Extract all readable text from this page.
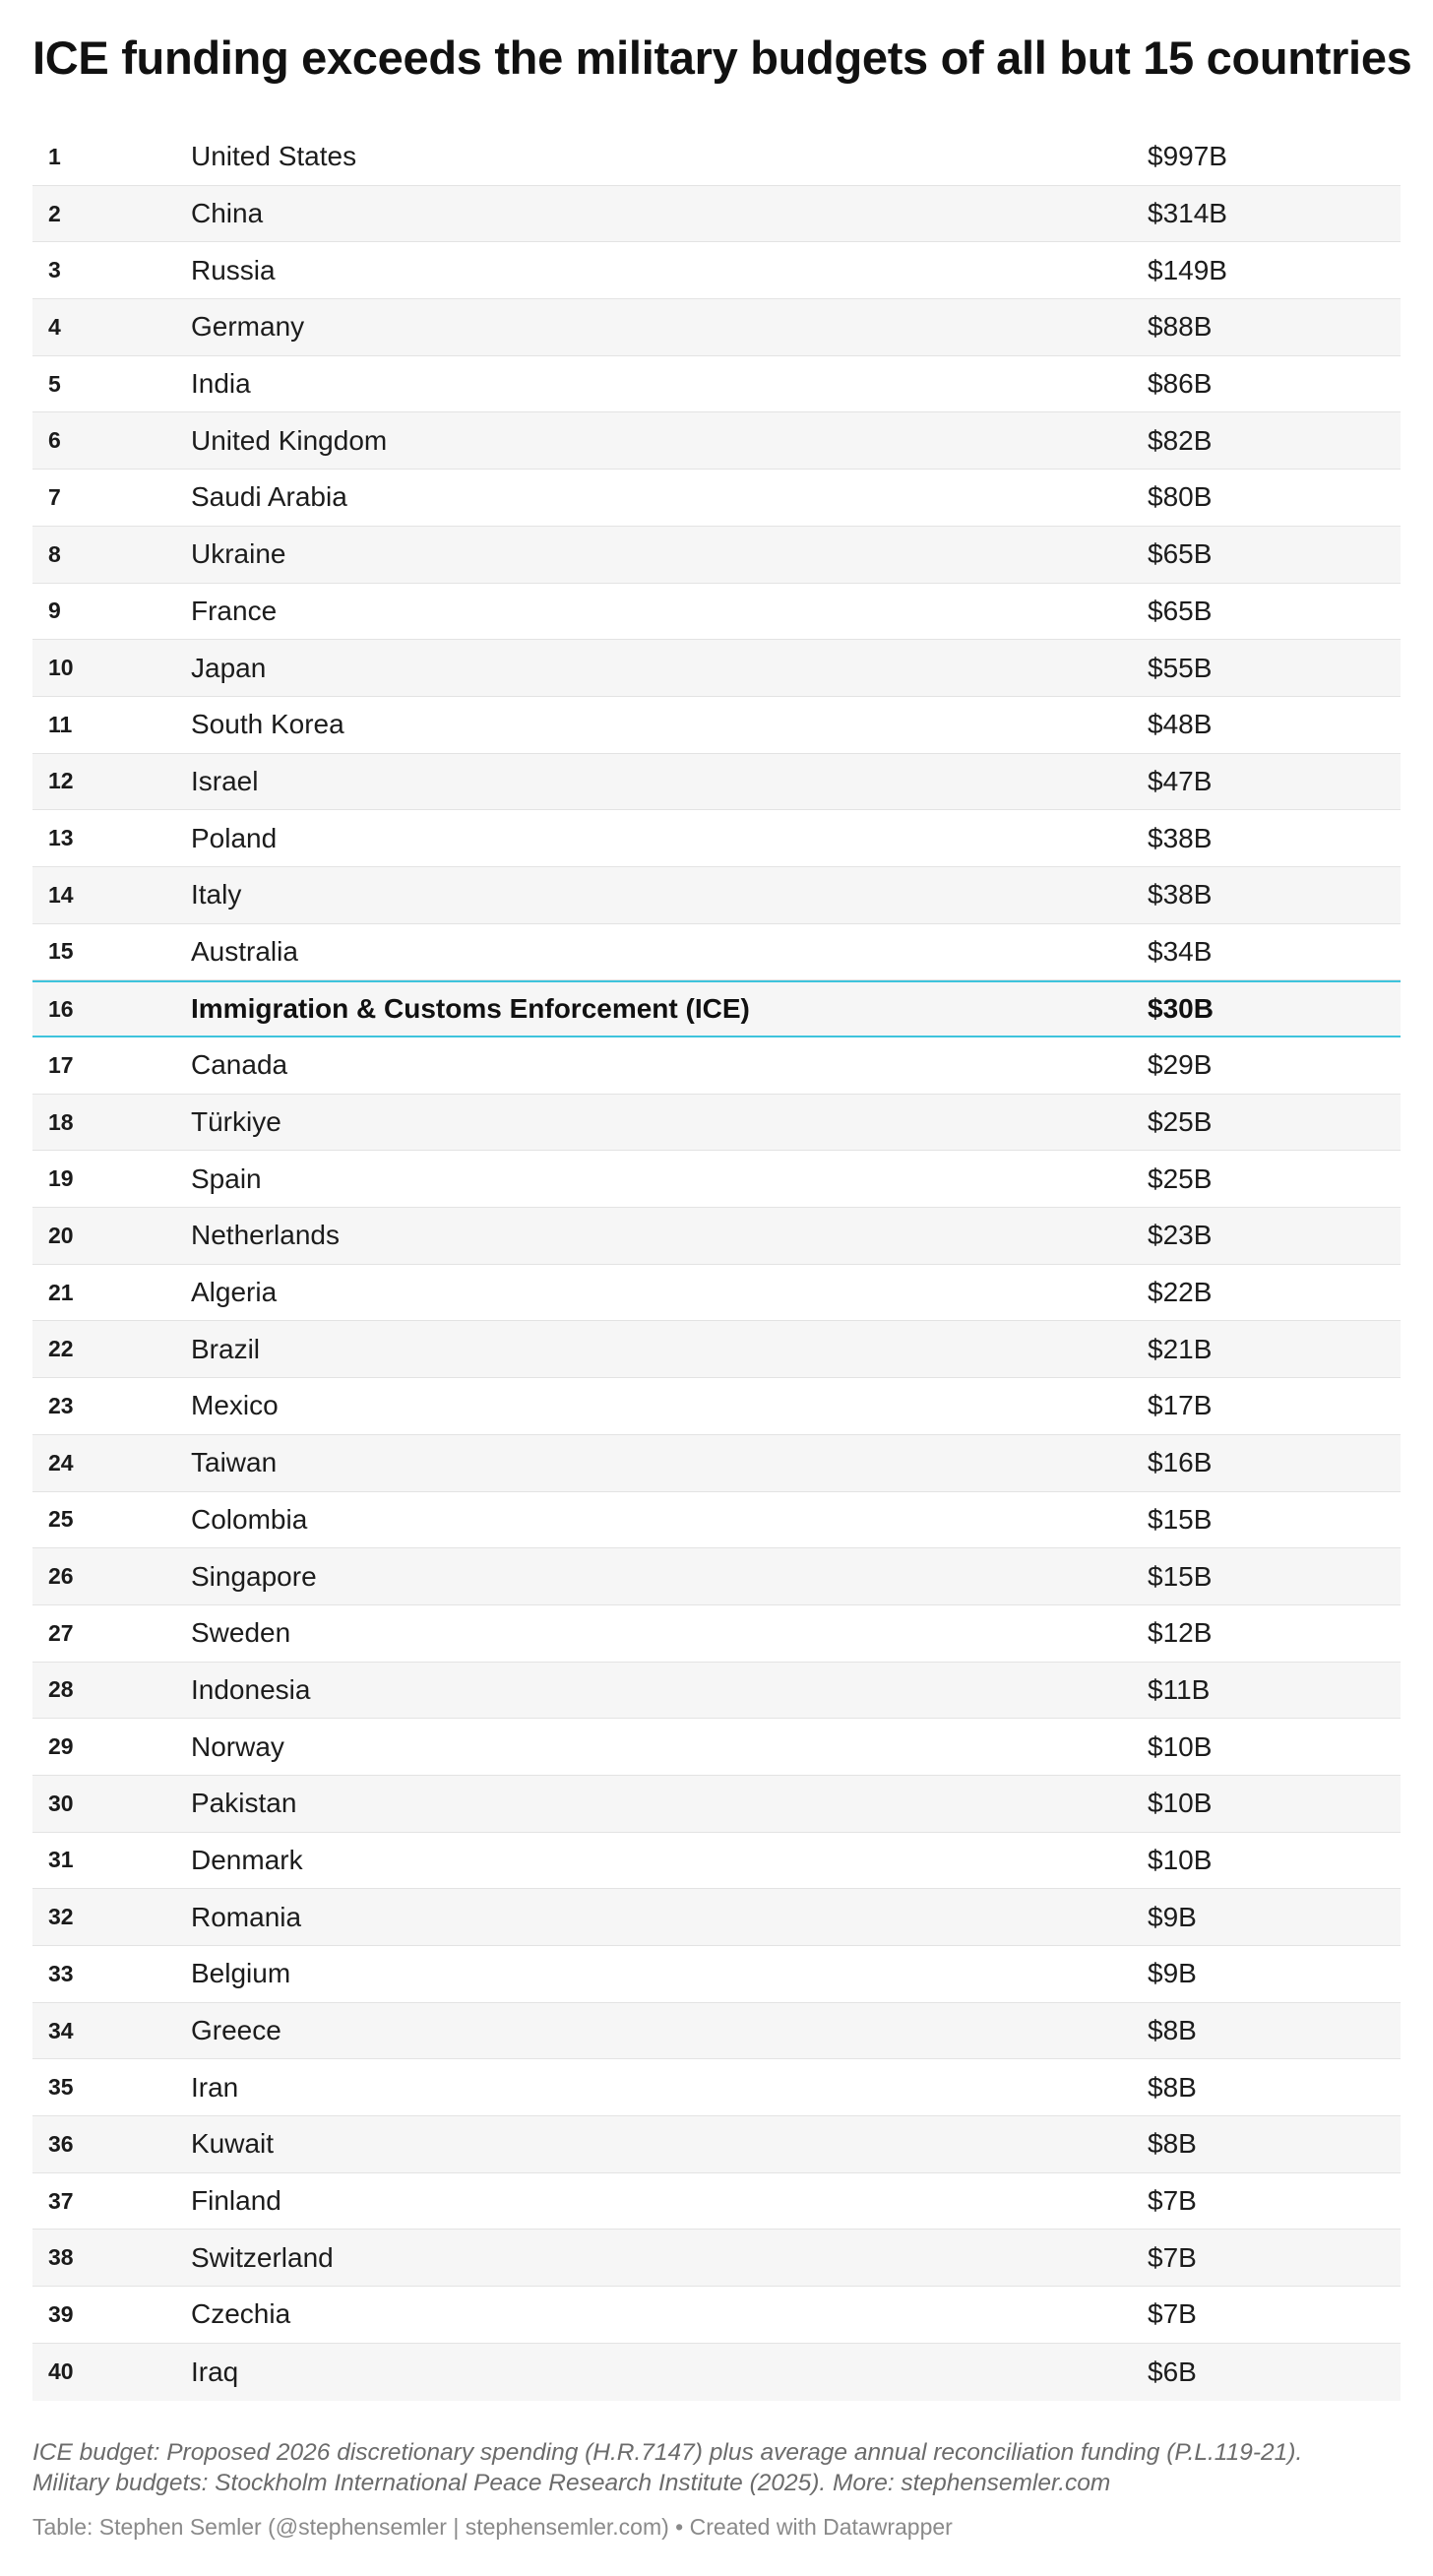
ICE funding exceeds the military budgets of all but 15 countries
1	United States	$997B
2	China	$314B
3	Russia	$149B
4	Germany	$88B
5	India	$86B
6	United Kingdom	$82B
7	Saudi Arabia	$80B
8	Ukraine	$65B
9	France	$65B
10	Japan	$55B
11	South Korea	$48B
12	Israel	$47B
13	Poland	$38B
14	Italy	$38B
15	Australia	$34B
16	Immigration & Customs Enforcement (ICE)	$30B
17	Canada	$29B
18	Türkiye	$25B
19	Spain	$25B
20	Netherlands	$23B
21	Algeria	$22B
22	Brazil	$21B
23	Mexico	$17B
24	Taiwan	$16B
25	Colombia	$15B
26	Singapore	$15B
27	Sweden	$12B
28	Indonesia	$11B
29	Norway	$10B
30	Pakistan	$10B
31	Denmark	$10B
32	Romania	$9B
33	Belgium	$9B
34	Greece	$8B
35	Iran	$8B
36	Kuwait	$8B
37	Finland	$7B
38	Switzerland	$7B
39	Czechia	$7B
40	Iraq	$6B
ICE budget: Proposed 2026 discretionary spending (H.R.7147) plus average annual reconciliation funding (P.L.119-21).
Military budgets: Stockholm International Peace Research Institute (2025). More: stephensemler.com
Table: Stephen Semler (@stephensemler | stephensemler.com) • Created with Datawrapper
